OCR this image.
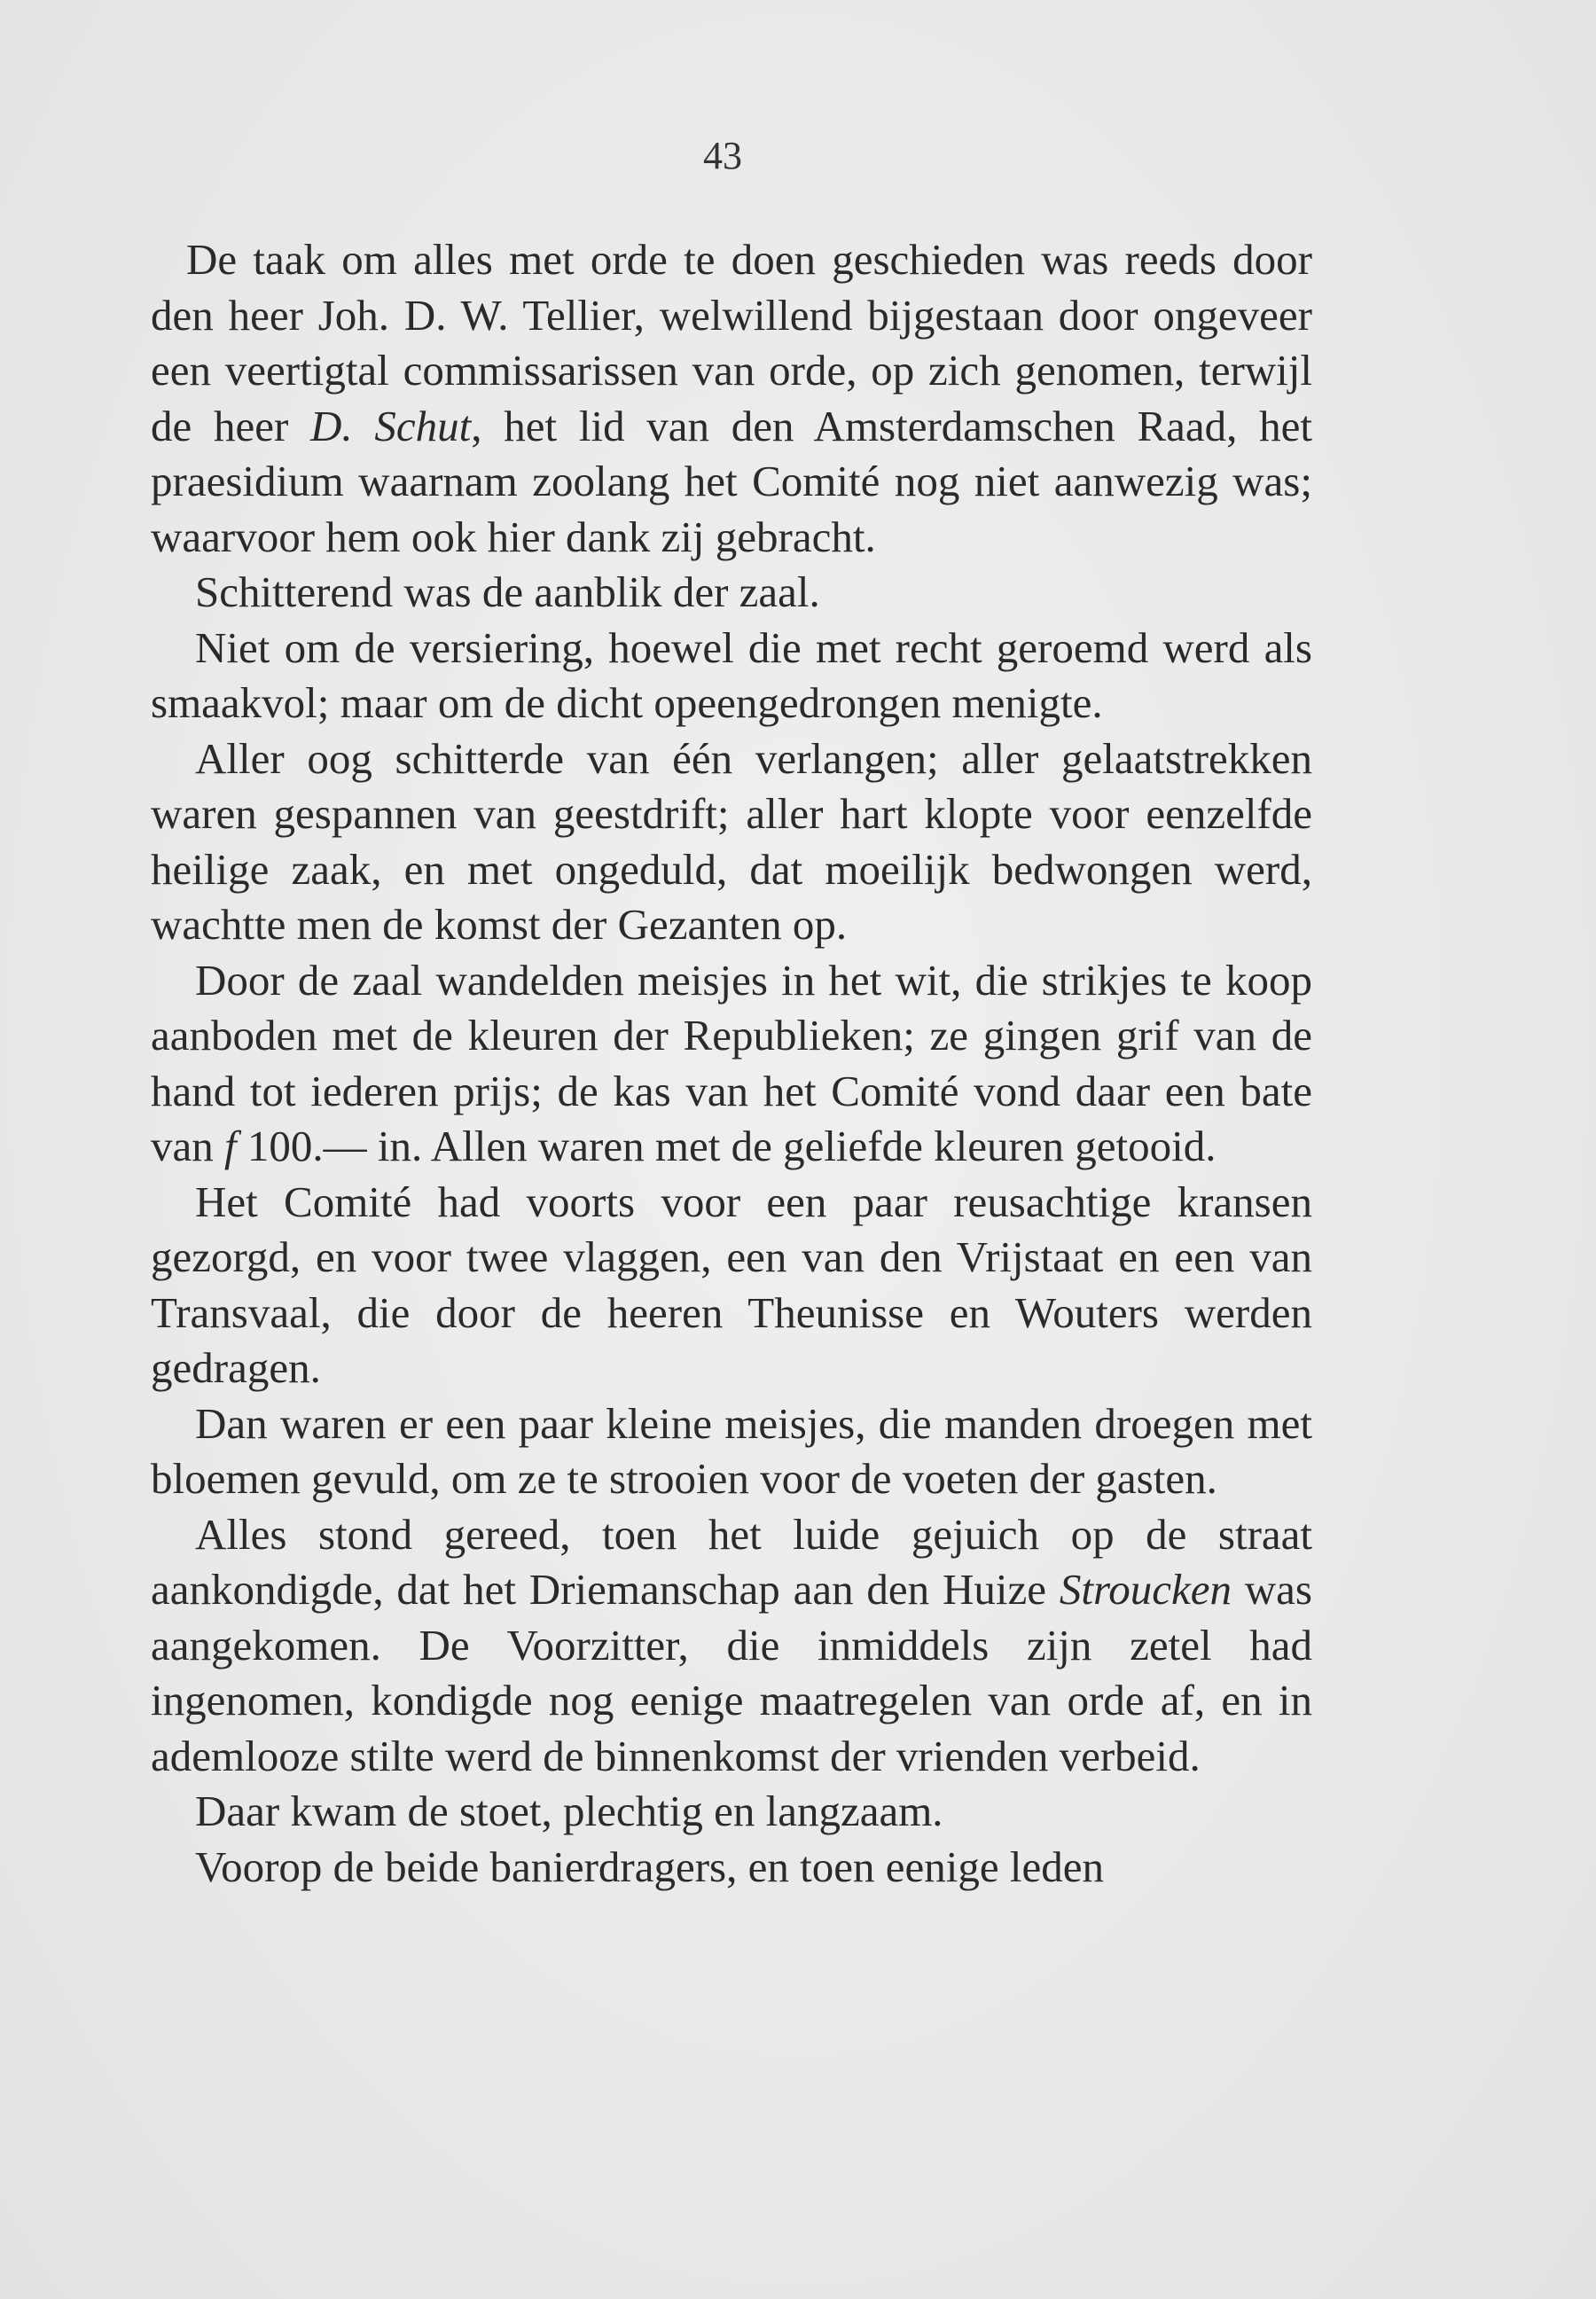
43

De taak om alles met orde te doen geschieden was reeds door den heer Joh. D. W. Tellier, welwillend bijgestaan door ongeveer een veertigtal commissarissen van orde, op zich genomen, terwijl de heer D. Schut, het lid van den Amsterdamschen Raad, het praesidium waarnam zoolang het Comité nog niet aanwezig was; waarvoor hem ook hier dank zij gebracht.

Schitterend was de aanblik der zaal.

Niet om de versiering, hoewel die met recht geroemd werd als smaakvol; maar om de dicht opeengedrongen menigte.

Aller oog schitterde van één verlangen; aller gelaatstrekken waren gespannen van geestdrift; aller hart klopte voor eenzelfde heilige zaak, en met ongeduld, dat moeilijk bedwongen werd, wachtte men de komst der Gezanten op.

Door de zaal wandelden meisjes in het wit, die strikjes te koop aanboden met de kleuren der Republieken; ze gingen grif van de hand tot iederen prijs; de kas van het Comité vond daar een bate van f 100.— in. Allen waren met de geliefde kleuren getooid.

Het Comité had voorts voor een paar reusachtige kransen gezorgd, en voor twee vlaggen, een van den Vrijstaat en een van Transvaal, die door de heeren Theunisse en Wouters werden gedragen.

Dan waren er een paar kleine meisjes, die manden droegen met bloemen gevuld, om ze te strooien voor de voeten der gasten.

Alles stond gereed, toen het luide gejuich op de straat aankondigde, dat het Driemanschap aan den Huize Stroucken was aangekomen. De Voorzitter, die inmiddels zijn zetel had ingenomen, kondigde nog eenige maatregelen van orde af, en in ademlooze stilte werd de binnenkomst der vrienden verbeid.

Daar kwam de stoet, plechtig en langzaam.

Voorop de beide banierdragers, en toen eenige leden
